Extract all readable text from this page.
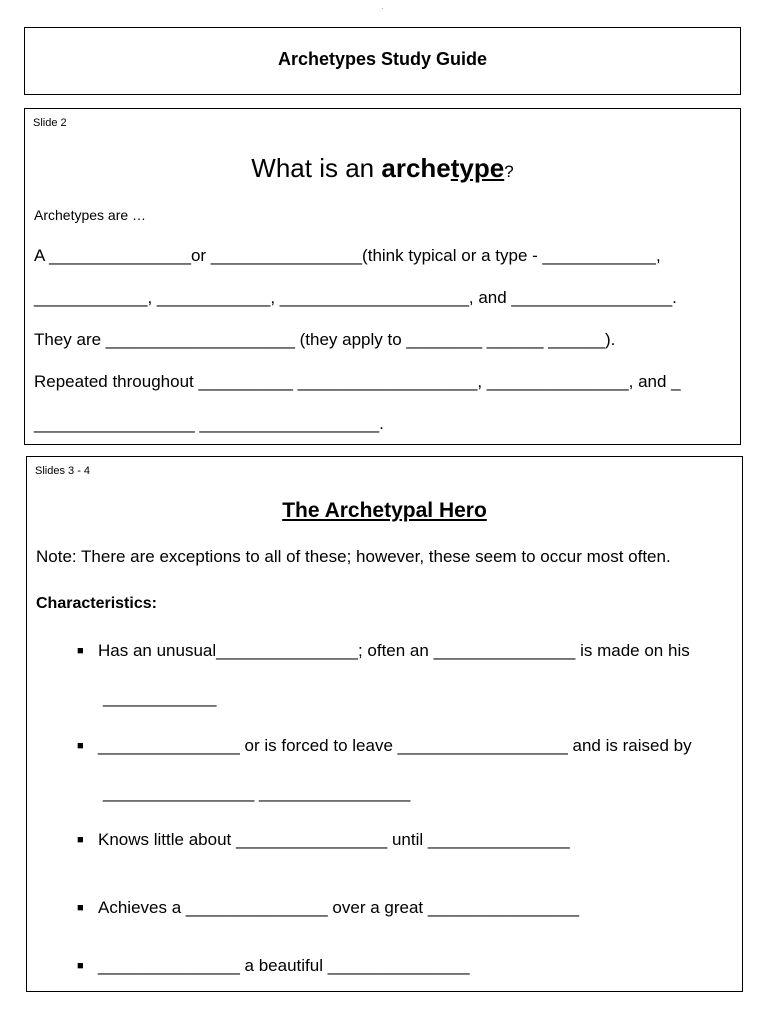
·
Archetypes Study Guide
Slide 2
What is an archetype?
Archetypes are …
A _______________or ________________(think typical or a type - ____________,
____________, ____________, ____________________, and _________________.
They are ____________________ (they apply to ________ ______ ______).
Repeated throughout __________ ___________________, _______________, and _
_________________ ___________________.
Slides 3 - 4
The Archetypal Hero
Note: There are exceptions to all of these; however, these seem to occur most often.
Characteristics:
■ Has an unusual_______________; often an _______________ is made on his
____________
■ _______________ or is forced to leave __________________ and is raised by
________________ ________________
■ Knows little about ________________ until _______________
■ Achieves a _______________ over a great ________________
■ _______________ a beautiful _______________
